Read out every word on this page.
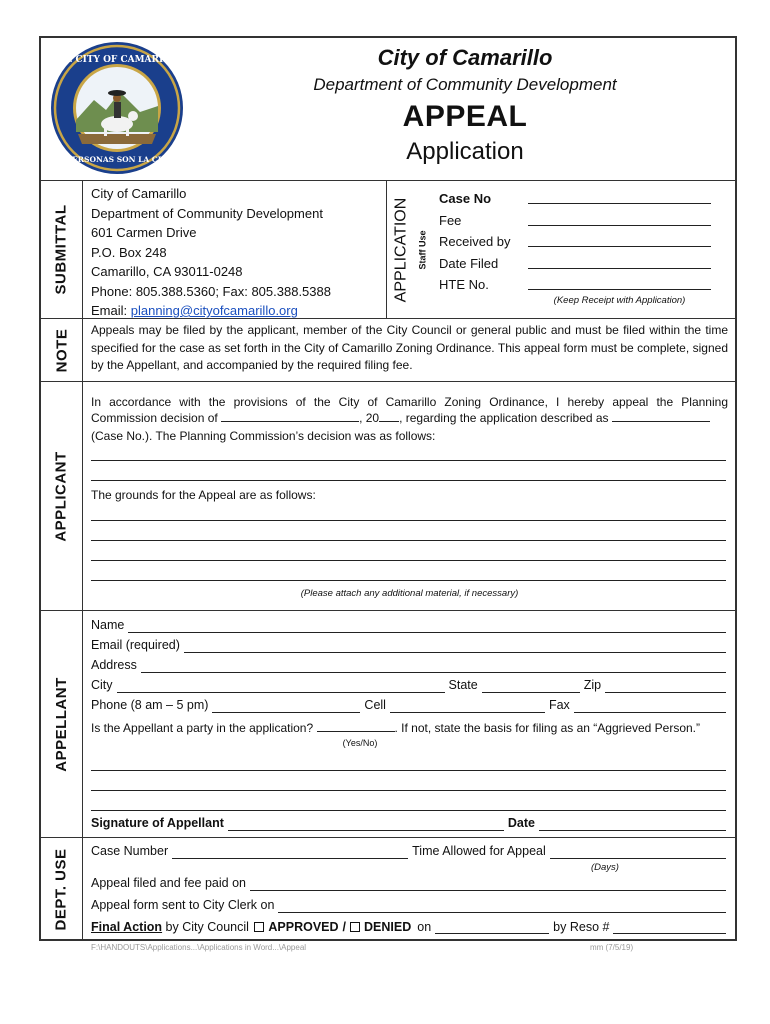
THE CITY OF CAMARILLO
LAS PERSONAS SON LA CIUDAD
City of Camarillo
Department of Community Development
APPEAL
Application
SUBMITTAL
NOTE
APPLICANT
APPELLANT
DEPT. USE
City of Camarillo
Department of Community Development
601 Carmen Drive
P.O. Box 248
Camarillo, CA 93011-0248
Phone: 805.388.5360; Fax: 805.388.5388
Email: planning@cityofcamarillo.org
APPLICATION Staff Use
Case No
Fee
Received by
Date Filed
HTE No.
(Keep Receipt with Application)
Appeals may be filed by the applicant, member of the City Council or general public and must be filed within the time specified for the case as set forth in the City of Camarillo Zoning Ordinance. This appeal form must be complete, signed by the Appellant, and accompanied by the required filing fee.
In accordance with the provisions of the City of Camarillo Zoning Ordinance, I hereby appeal the Planning
Commission decision of	, 20 , regarding the application described as
(Case No.). The Planning Commission’s decision was as follows:
The grounds for the Appeal are as follows:
(Please attach any additional material, if necessary)
Name
Email (required)
Address
City	State	Zip
Phone (8 am – 5 pm)	Cell	Fax
Is the Appellant a party in the application?	. If not, state the basis for filing as an “Aggrieved Person.”
(Yes/No)
Signature of Appellant	Date
Case Number	Time Allowed for Appeal
(Days)
Appeal filed and fee paid on
Appeal form sent to City Clerk on
Final Action by City Council APPROVED / DENIED on	by Reso #
F:\HANDOUTS\Applications...\Applications in Word...\Appeal	mm (7/5/19)
